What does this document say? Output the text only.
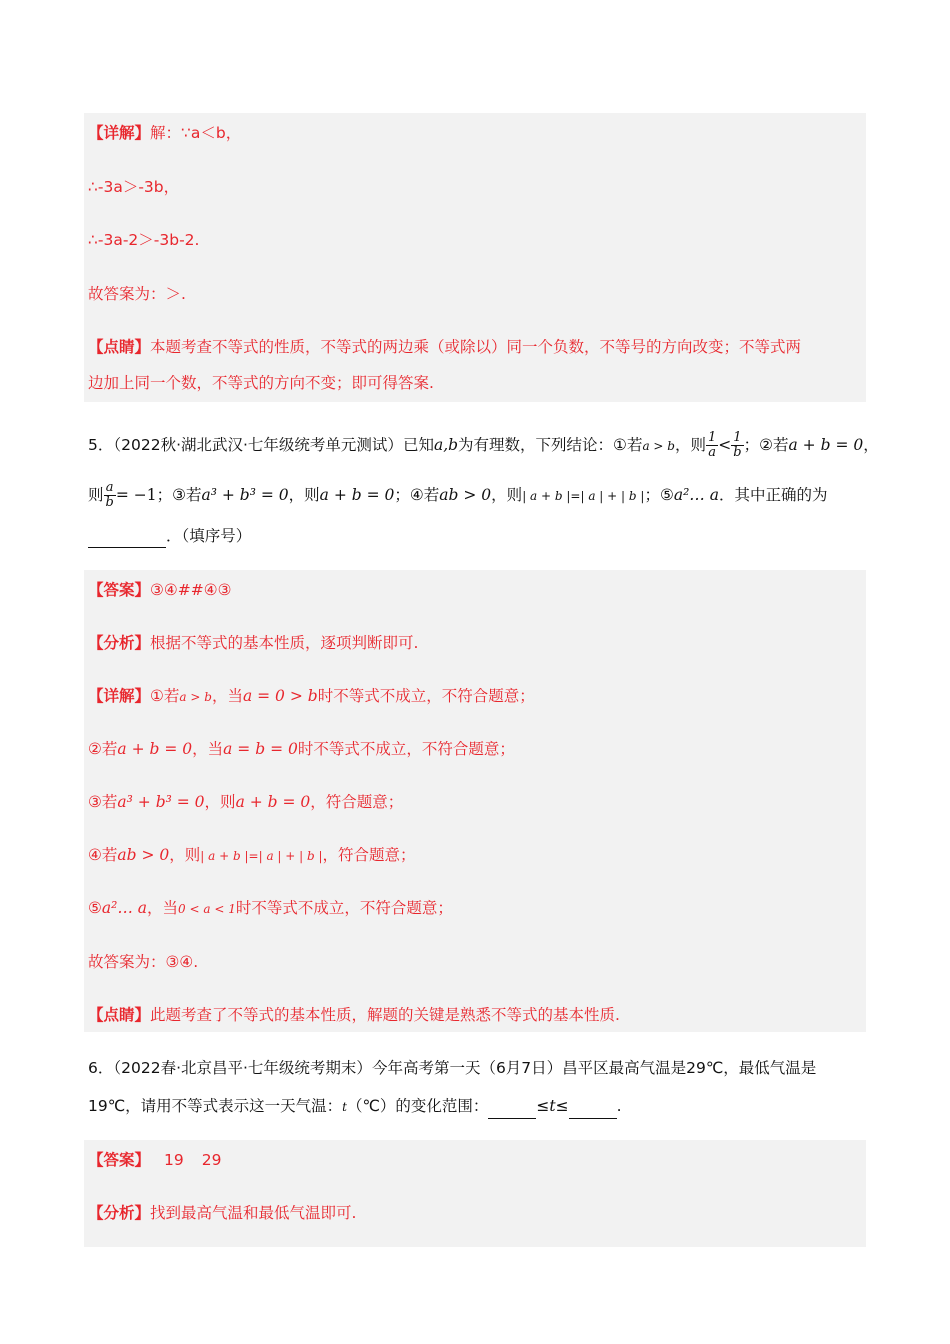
【详解】解：∵a＜b，
∴-3a＞-3b，
∴-3a-2＞-3b-2.
故答案为：＞.
【点睛】本题考查不等式的性质，不等式的两边乘（或除以）同一个负数，不等号的方向改变；不等式两
边加上同一个数，不等式的方向不变；即可得答案.
5．（2022秋·湖北武汉·七年级统考单元测试）已知a,b为有理数，下列结论：①若a > b，则 $\frac{1}{a} < \frac{1}{b}$ ；②若a + b = 0，
则 $\frac{a}{b} = -1$；③若a³ + b³ = 0，则a + b = 0；④若ab > 0，则| a + b |=| a | + | b |；⑤a²… a．其中正确的为
．（填序号）
【答案】③④##④③
【分析】根据不等式的基本性质，逐项判断即可.
【详解】①若a > b，当a = 0 > b时不等式不成立，不符合题意；
②若a + b = 0，当a = b = 0时不等式不成立，不符合题意；
③若a³ + b³ = 0，则a + b = 0，符合题意；
④若ab > 0，则| a + b |=| a | + | b |，符合题意；
⑤a²… a，当0 < a < 1时不等式不成立，不符合题意；
故答案为：③④.
【点睛】此题考查了不等式的基本性质，解题的关键是熟悉不等式的基本性质.
6．（2022春·北京昌平·七年级统考期末）今年高考第一天（6月7日）昌平区最高气温是29℃，最低气温是
19℃，请用不等式表示这一天气温：t（℃）的变化范围：	≤t≤	.
【答案】 19 29
【分析】找到最高气温和最低气温即可.
